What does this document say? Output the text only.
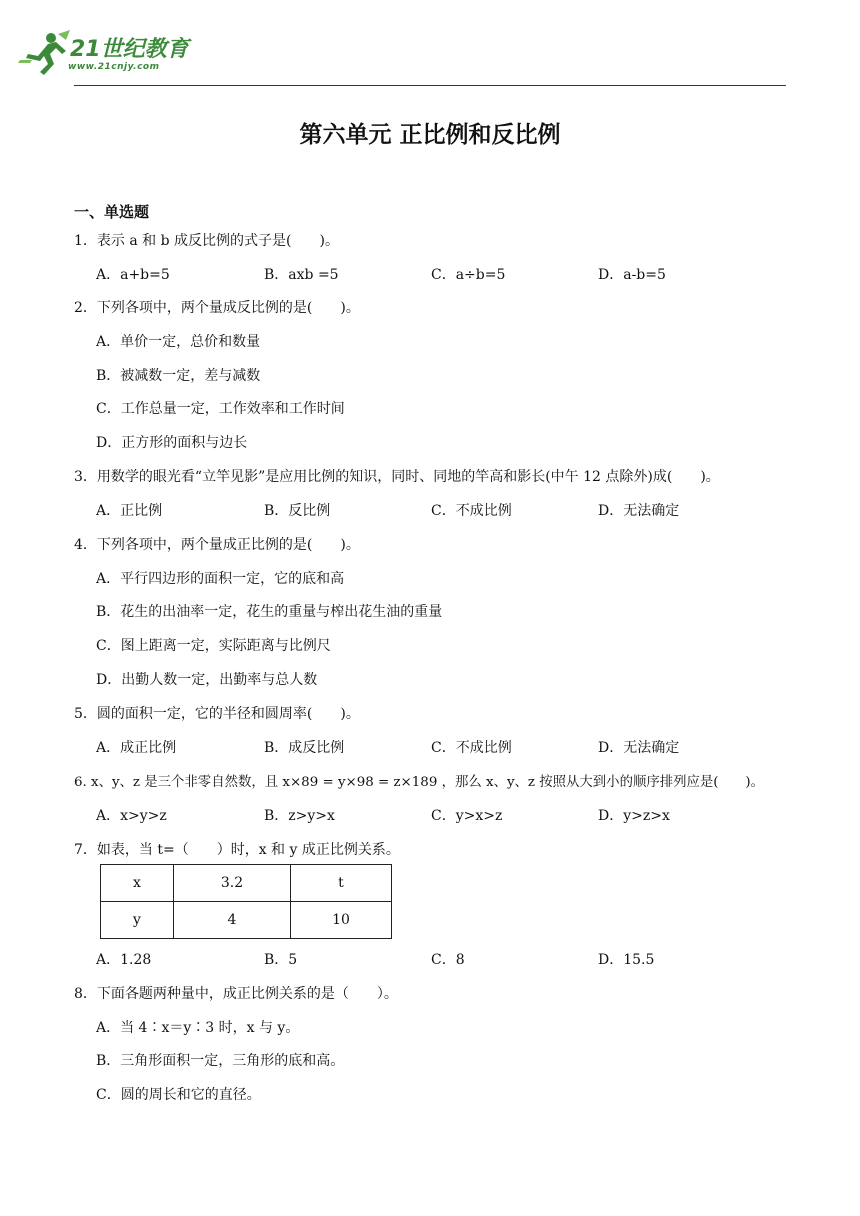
21世纪教育
www.21cnjy.com
第六单元 正比例和反比例
一、单选题
1．表示 a 和 b 成反比例的式子是(　　)。
A．a+b=5	B．axb =5	C．a÷b=5	D．a-b=5
2．下列各项中，两个量成反比例的是(　　)。
A．单价一定，总价和数量
B．被减数一定，差与减数
C．工作总量一定，工作效率和工作时间
D．正方形的面积与边长
3．用数学的眼光看“立竿见影”是应用比例的知识，同时、同地的竿高和影长(中午 12 点除外)成(　　)。
A．正比例	B．反比例	C．不成比例	D．无法确定
4．下列各项中，两个量成正比例的是(　　)。
A．平行四边形的面积一定，它的底和高
B．花生的出油率一定，花生的重量与榨出花生油的重量
C．图上距离一定，实际距离与比例尺
D．出勤人数一定，出勤率与总人数
5．圆的面积一定，它的半径和圆周率(　　)。
A．成正比例	B．成反比例	C．不成比例	D．无法确定
6. x、y、z 是三个非零自然数，且 x×89 = y×98 = z×189 ，那么 x、y、z 按照从大到小的顺序排列应是(　　)。
A．x>y>z	B．z>y>x	C．y>x>z	D．y>z>x
7．如表，当 t=（　　）时，x 和 y 成正比例关系。
x	3.2	t
y	4	10
A．1.28	B．5	C．8	D．15.5
8．下面各题两种量中，成正比例关系的是（　　）。
A．当 4∶x＝y∶3 时，x 与 y。
B．三角形面积一定，三角形的底和高。
C．圆的周长和它的直径。
